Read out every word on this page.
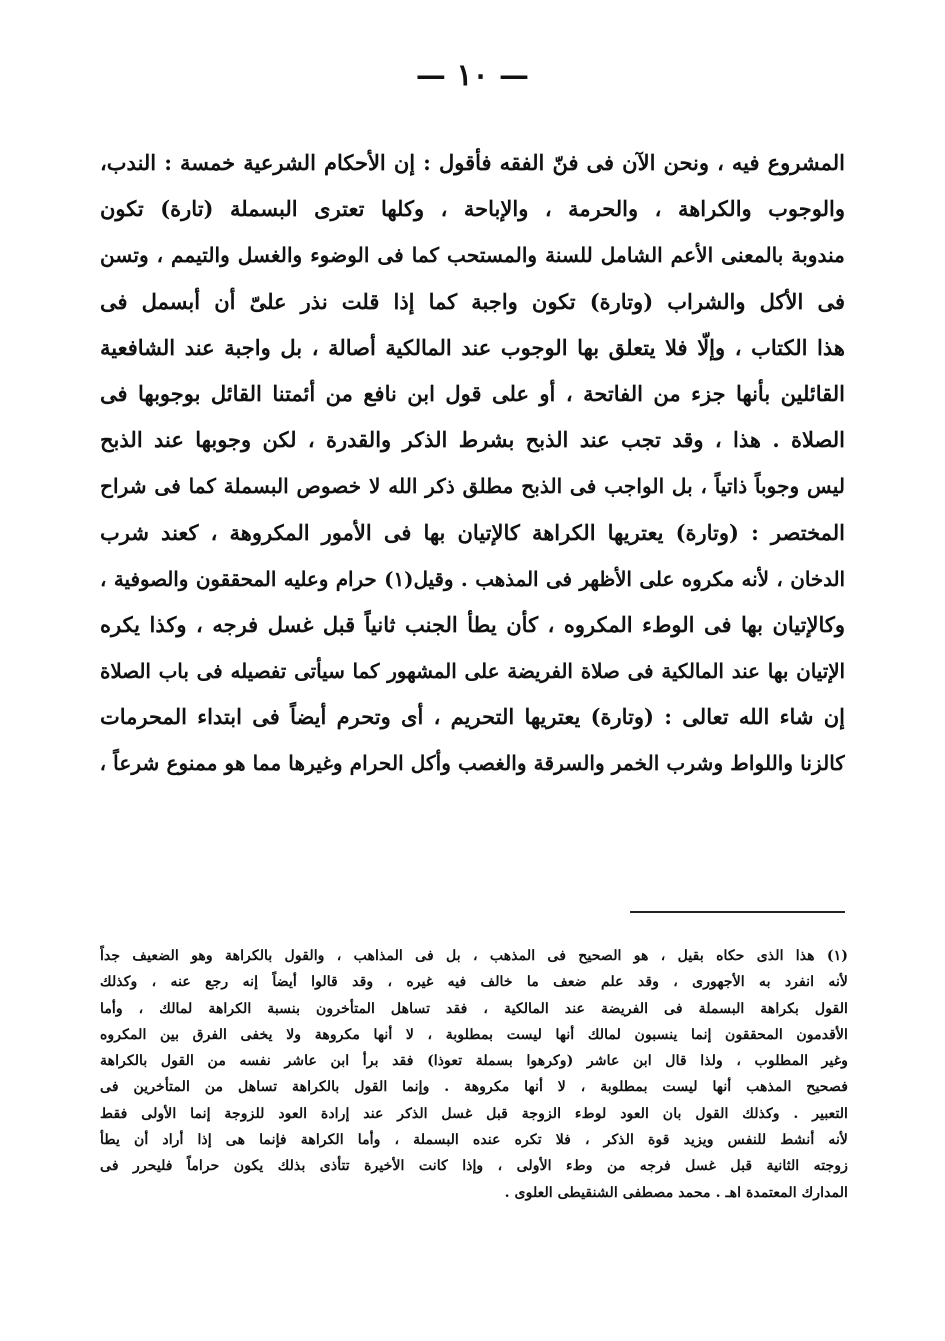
— ١٠ —
المشروع فيه ، ونحن الآن فى فنّ الفقه فأقول : إن الأحكام الشرعية خمسة : الندب،
والوجوب والكراهة ، والحرمة ، والإباحة ، وكلها تعترى البسملة (تارة) تكون
مندوبة بالمعنى الأعم الشامل للسنة والمستحب كما فى الوضوء والغسل والتيمم ، وتسن
فى الأكل والشراب (وتارة) تكون واجبة كما إذا قلت نذر علىّ أن أبسمل فى
هذا الكتاب ، وإلّا فلا يتعلق بها الوجوب عند المالكية أصالة ، بل واجبة عند الشافعية
القائلين بأنها جزء من الفاتحة ، أو على قول ابن نافع من أئمتنا القائل بوجوبها فى
الصلاة . هذا ، وقد تجب عند الذبح بشرط الذكر والقدرة ، لكن وجوبها عند الذبح
ليس وجوباً ذاتياً ، بل الواجب فى الذبح مطلق ذكر الله لا خصوص البسملة كما فى شراح
المختصر : (وتارة) يعتريها الكراهة كالإتيان بها فى الأمور المكروهة ، كعند شرب
الدخان ، لأنه مكروه على الأظهر فى المذهب . وقيل(١) حرام وعليه المحققون والصوفية ،
وكالإتيان بها فى الوطء المكروه ، كأن يطأ الجنب ثانياً قبل غسل فرجه ، وكذا يكره
الإتيان بها عند المالكية فى صلاة الفريضة على المشهور كما سيأتى تفصيله فى باب الصلاة
إن شاء الله تعالى : (وتارة) يعتريها التحريم ، أى وتحرم أيضاً فى ابتداء المحرمات
كالزنا واللواط وشرب الخمر والسرقة والغصب وأكل الحرام وغيرها مما هو ممنوع شرعاً ،
(١) هذا الذى حكاه بقيل ، هو الصحيح فى المذهب ، بل فى المذاهب ، والقول بالكراهة وهو الضعيف جداً
لأنه انفرد به الأجهورى ، وقد علم ضعف ما خالف فيه غيره ، وقد قالوا أيضاً إنه رجع عنه ، وكذلك
القول بكراهة البسملة فى الفريضة عند المالكية ، فقد تساهل المتأخرون بنسبة الكراهة لمالك ، وأما
الأقدمون المحققون إنما ينسبون لمالك أنها ليست بمطلوبة ، لا أنها مكروهة ولا يخفى الفرق بين المكروه
وغير المطلوب ، ولذا قال ابن عاشر (وكرهوا بسملة تعوذا) فقد برأ ابن عاشر نفسه من القول بالكراهة
فصحيح المذهب أنها ليست بمطلوبة ، لا أنها مكروهة . وإنما القول بالكراهة تساهل من المتأخرين فى
التعبير . وكذلك القول بان العود لوطء الزوجة قبل غسل الذكر عند إرادة العود للزوجة إنما الأولى فقط
لأنه أنشط للنفس ويزيد قوة الذكر ، فلا تكره عنده البسملة ، وأما الكراهة فإنما هى إذا أراد أن يطأ
زوجته الثانية قبل غسل فرجه من وطء الأولى ، وإذا كانت الأخيرة تتأذى بذلك يكون حراماً فليحرر فى
المدارك المعتمدة اهـ . محمد مصطفى الشنقيطى العلوى .
